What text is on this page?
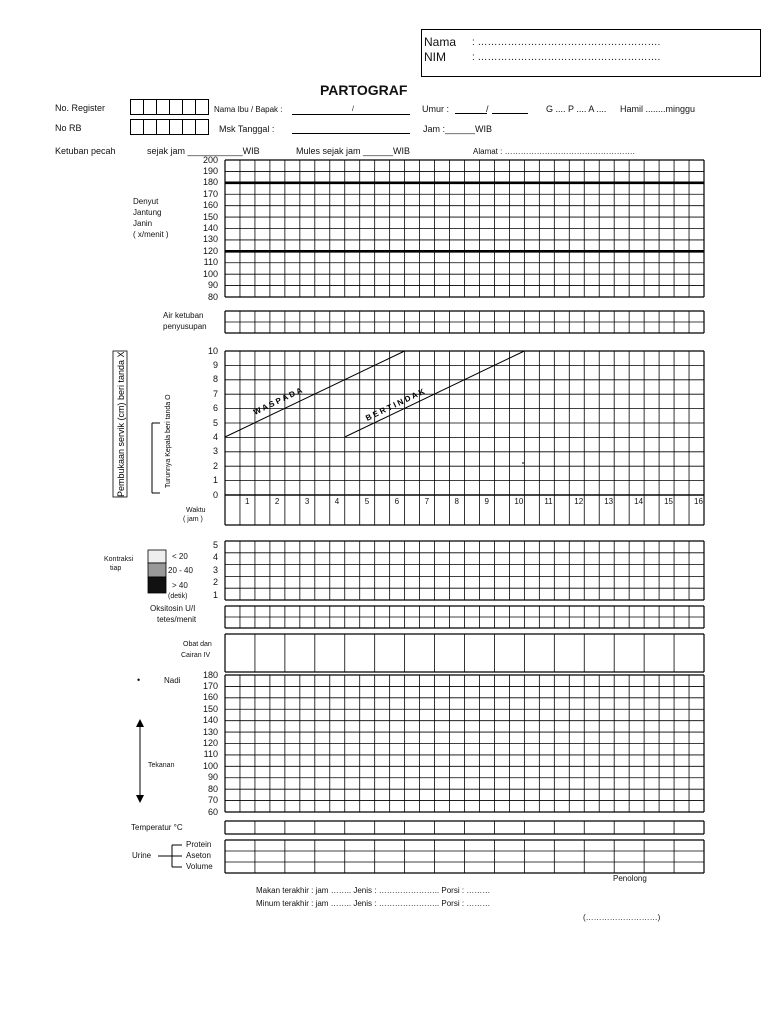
Nama : ……………………………………………….
NIM	: ……………………………………………….
PARTOGRAF
No. Register	Nama Ibu / Bapak :	/	Umur :	/	G .... P .... A .... Hamil ........minggu
No RB	Msk Tanggal :	Jam :______WIB
Ketuban pecah	sejak jam ___________WIB	Mules sejak jam ______WIB	Alamat : ………………………………………….
Denyut
Jantung
Janin
( x/menit )
200
190
180
170
160
150
140
130
120
110
100
90
80
Air ketuban
penyusupan
10
9
8
7
6
5
4
3
2
1
0
Waktu
( jam )
1	2	3	4	5	6	7	8	9	10	11	12	13	14	15	16
Kontraksi
tiap
< 20
20 - 40
> 40
(detik)
5
4
3
2
1
Oksitosin U/I
tetes/menit
Obat dan
Cairan IV
•	Nadi
Tekanan
180
170
160
150
140
130
120
110
100
90
80
70
60
Temperatur °C
Urine
Protein
Aseton
Volume
Penolong
Makan terakhir : jam …….. Jenis : ………………….. Porsi : ………
Minum terakhir : jam …….. Jenis : ………………….. Porsi : ………
(………………………)
W A S P A D A	B E R T I N D A K
Pembukaan servik (cm) beri tanda X	Turunnya Kepala beri tanda O
